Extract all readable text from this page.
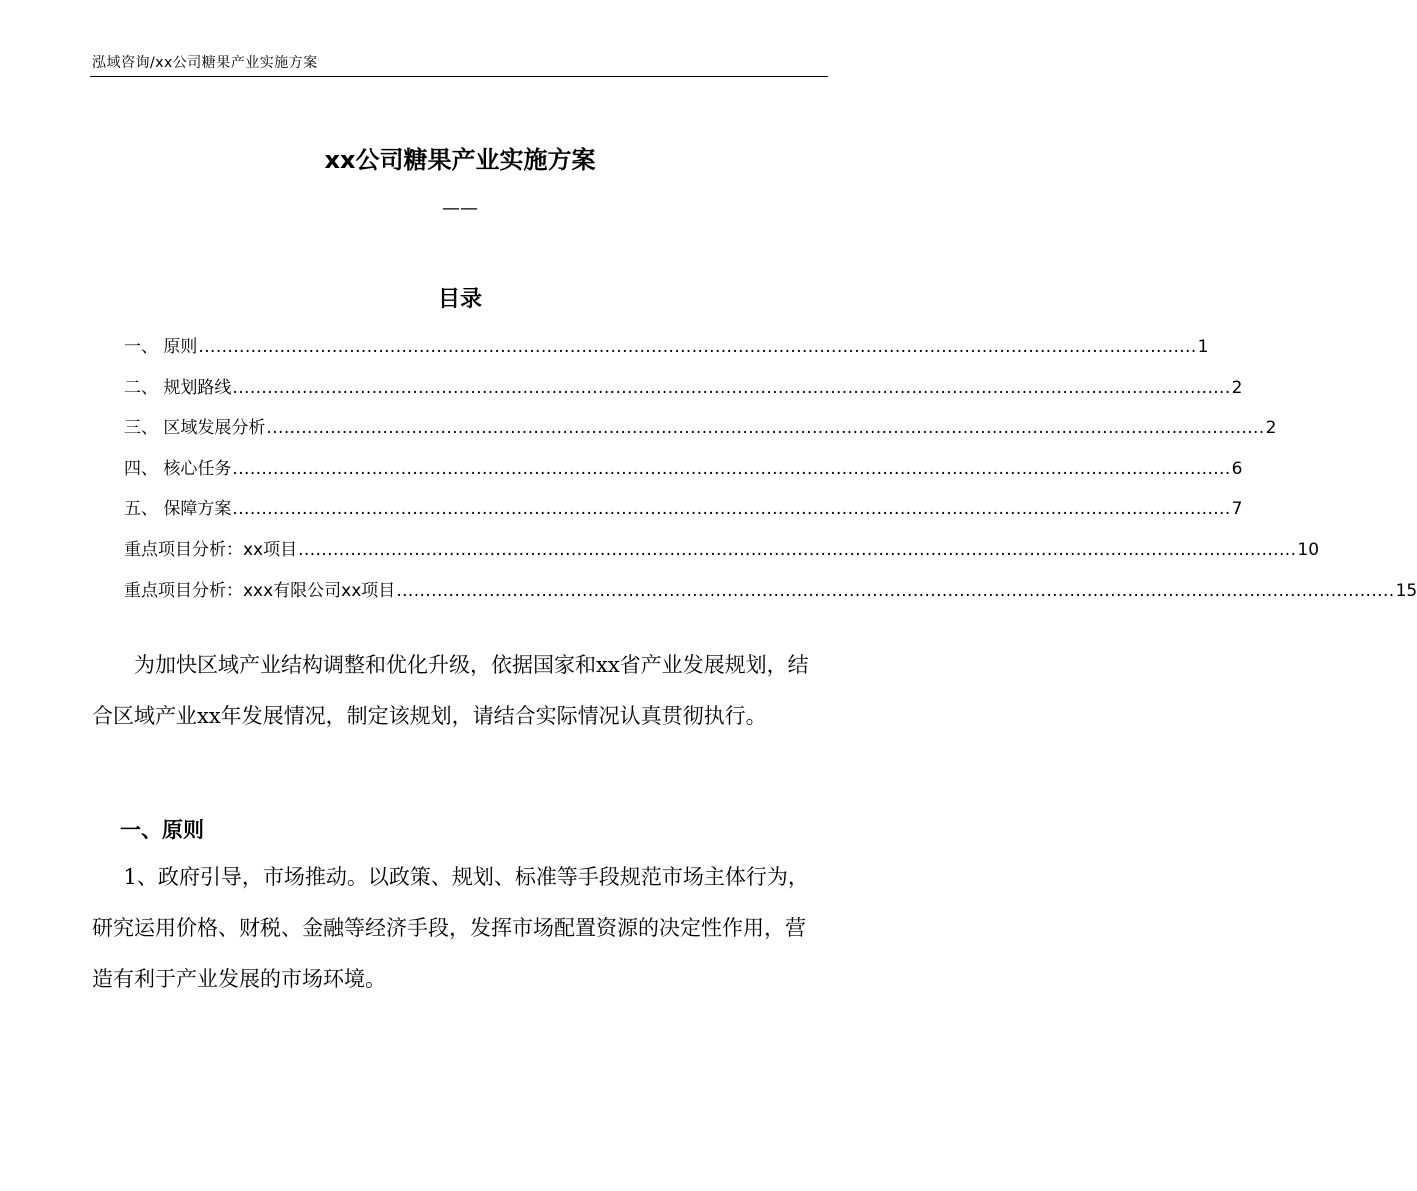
泓域咨询/xx公司糖果产业实施方案
xx公司糖果产业实施方案
——
目录
一、 原则 ............................................................................................................................................................................ 1
二、 规划路线 ............................................................................................................................................................................ 2
三、 区域发展分析 ............................................................................................................................................................................ 2
四、 核心任务 ............................................................................................................................................................................ 6
五、 保障方案 ............................................................................................................................................................................ 7
重点项目分析：xx项目 ............................................................................................................................................................................ 10
重点项目分析：xxx有限公司xx项目 ............................................................................................................................................................................ 15

为加快区域产业结构调整和优化升级，依据国家和xx省产业发展规划，结合区域产业xx年发展情况，制定该规划，请结合实际情况认真贯彻执行。

一、原则

1、政府引导，市场推动。以政策、规划、标准等手段规范市场主体行为，研究运用价格、财税、金融等经济手段，发挥市场配置资源的决定性作用，营造有利于产业发展的市场环境。
